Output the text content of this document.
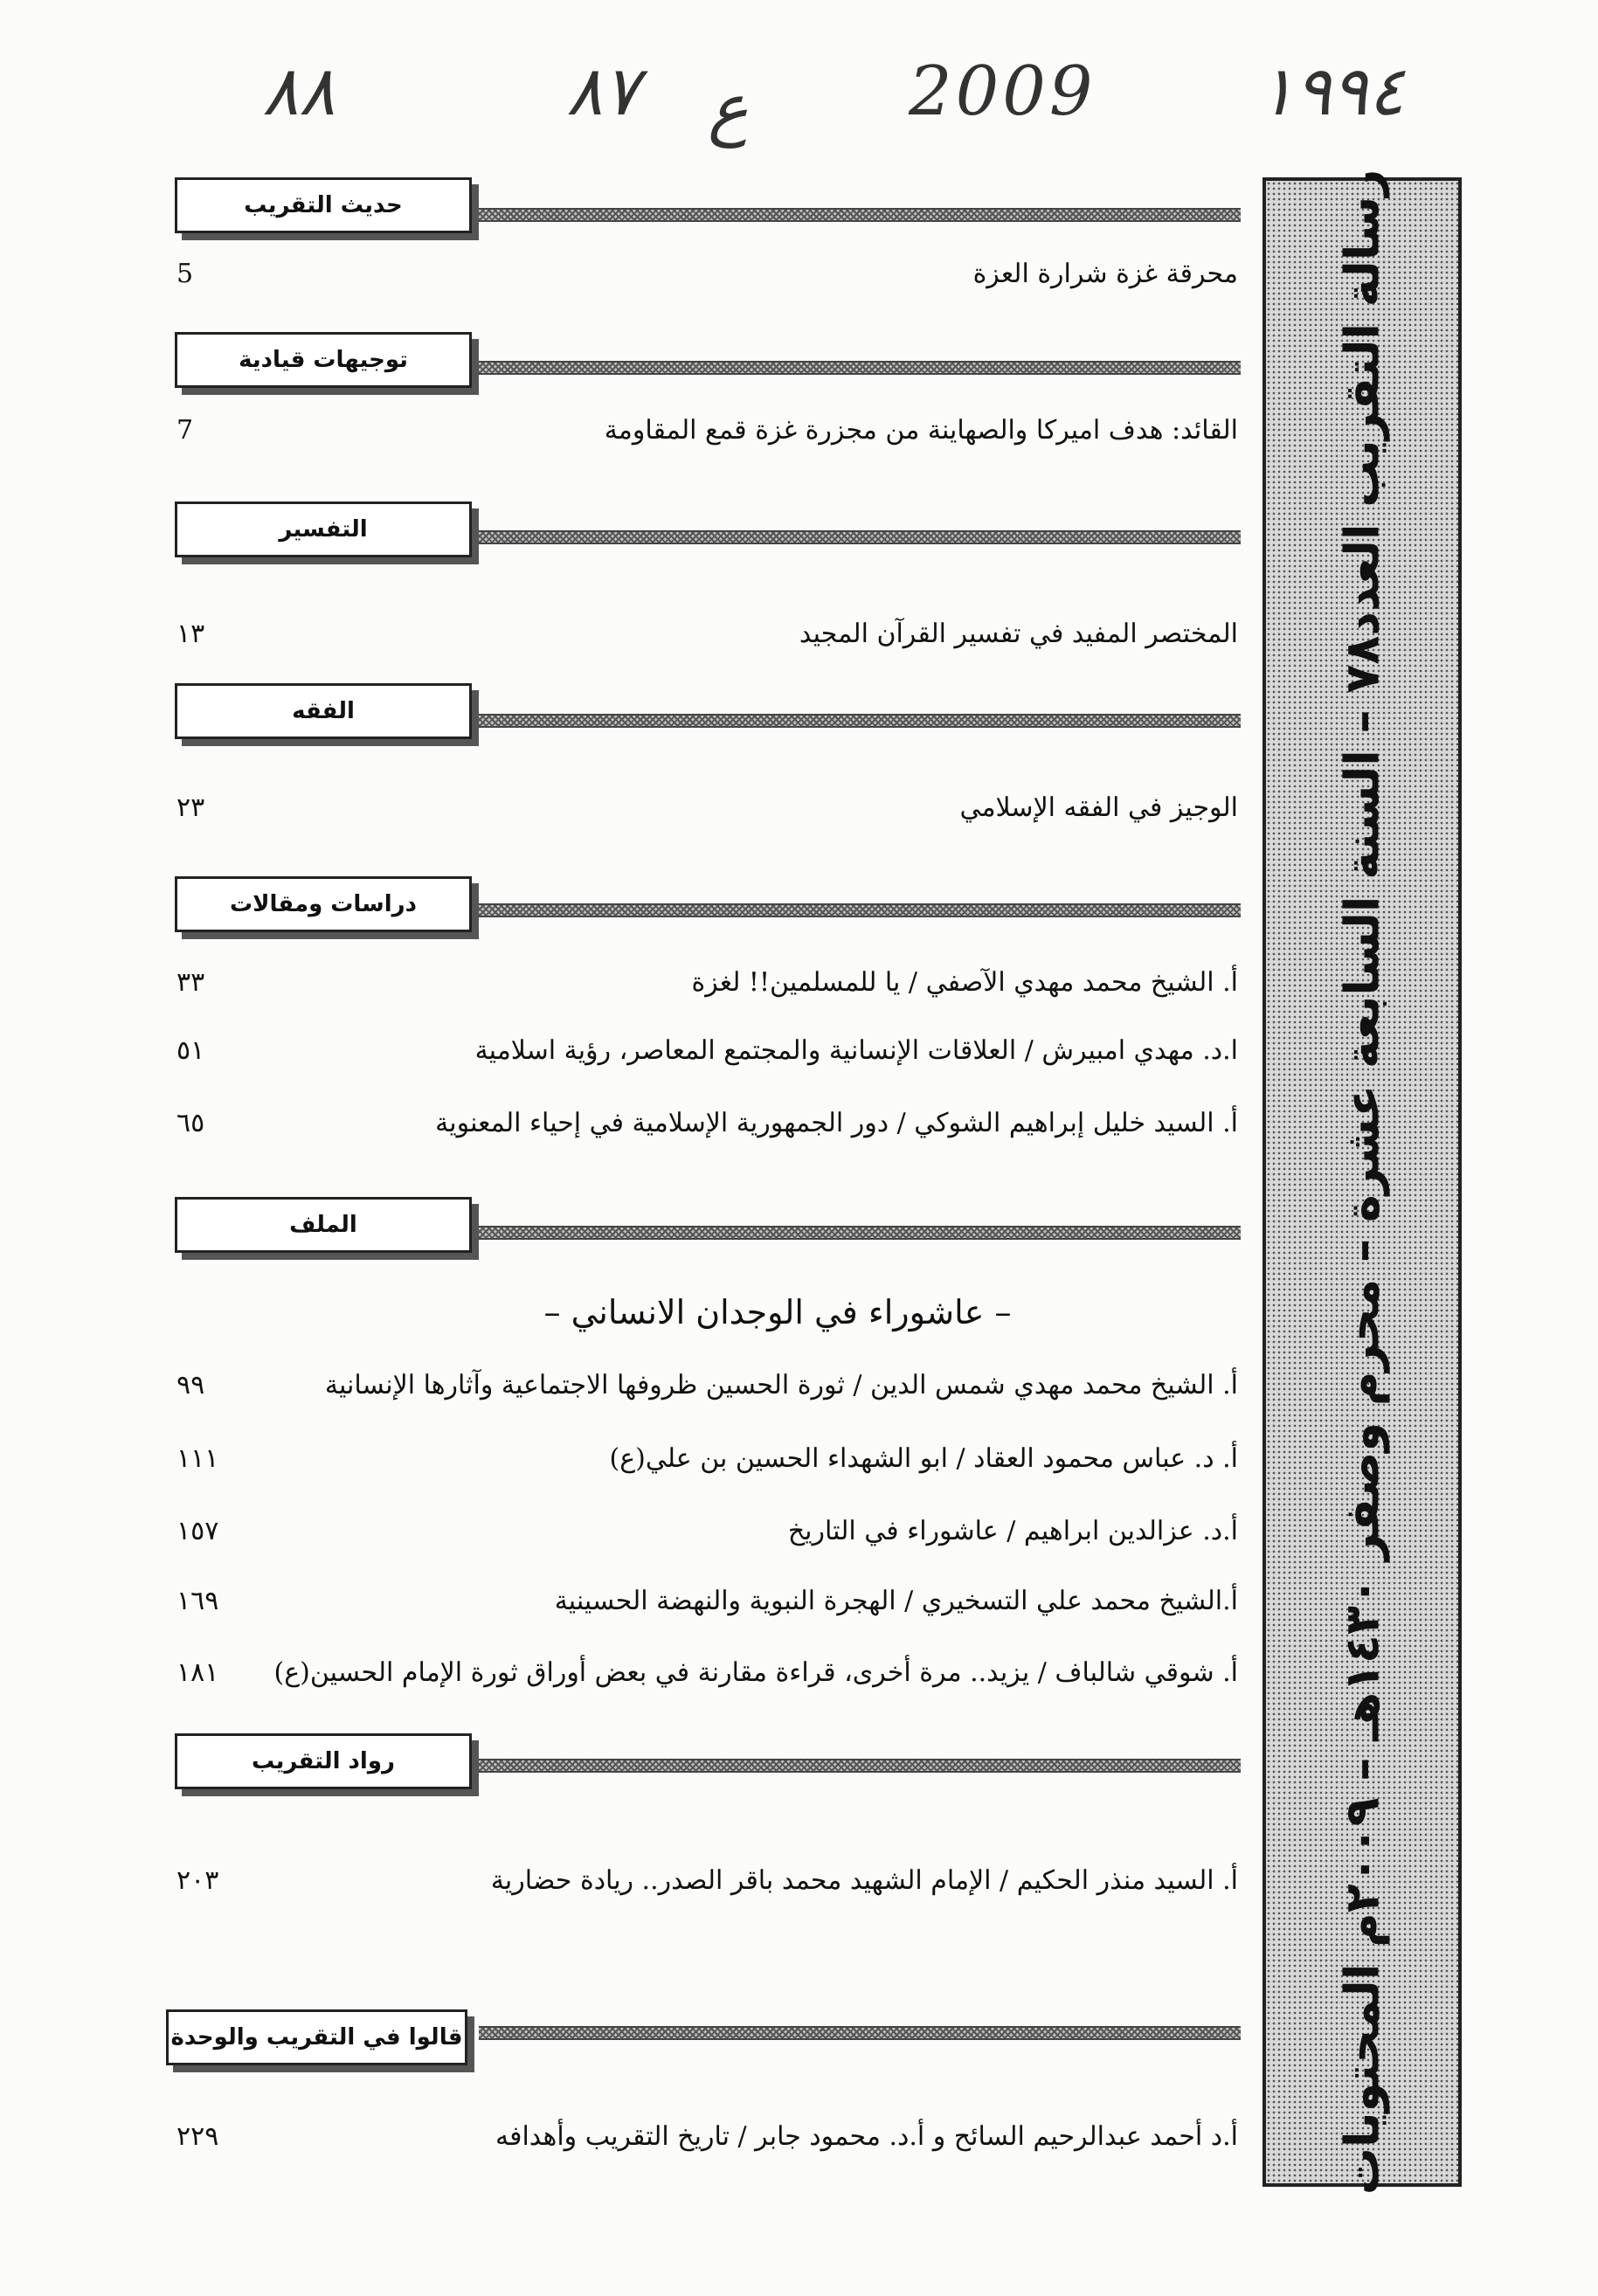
٨٨	٨٧ ع 2009 ١٩٩٤
رسالة التقريب العدد٧٨ – السنة السابعة عشرة – محرم وصفر ١٤٣٠هـ – ٢٠٠٩م المحتويات
حديث التقريب
محرقة غزة شرارة العزة
5
توجيهات قيادية
القائد: هدف اميركا والصهاينة من مجزرة غزة قمع المقاومة
7
التفسير
المختصر المفيد في تفسير القرآن المجيد
١٣
الفقه
الوجيز في الفقه الإسلامي
٢٣
دراسات ومقالات
أ. الشيخ محمد مهدي الآصفي / يا للمسلمين!! لغزة
٣٣
ا.د. مهدي امبيرش / العلاقات الإنسانية والمجتمع المعاصر، رؤية اسلامية
٥١
أ. السيد خليل إبراهيم الشوكي / دور الجمهورية الإسلامية في إحياء المعنوية
٦٥
الملف
– عاشوراء في الوجدان الانساني –
أ. الشيخ محمد مهدي شمس الدين / ثورة الحسين ظروفها الاجتماعية وآثارها الإنسانية
٩٩
أ. د. عباس محمود العقاد / ابو الشهداء الحسين بن علي(ع)
١١١
أ.د. عزالدين ابراهيم / عاشوراء في التاريخ
١٥٧
أ.الشيخ محمد علي التسخيري / الهجرة النبوية والنهضة الحسينية
١٦٩
أ. شوقي شالباف / يزيد.. مرة أخرى، قراءة مقارنة في بعض أوراق ثورة الإمام الحسين(ع)
١٨١
رواد التقريب
أ. السيد منذر الحكيم / الإمام الشهيد محمد باقر الصدر.. ريادة حضارية
٢٠٣
قالوا في التقريب والوحدة
أ.د أحمد عبدالرحيم السائح و أ.د. محمود جابر / تاريخ التقريب وأهدافه
٢٢٩
